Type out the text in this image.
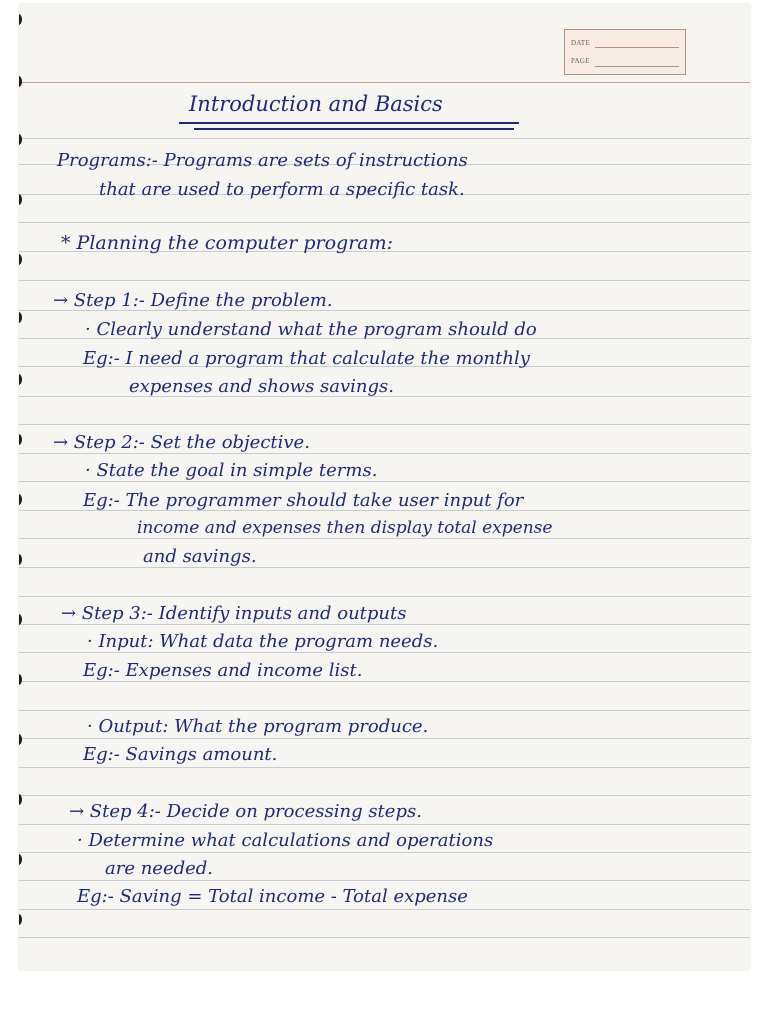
DATE
PAGE
Introduction and Basics
Programs:- Programs are sets of instructions
that are used to perform a specific task.
* Planning the computer program:
→ Step 1:- Define the problem.
· Clearly understand what the program should do
Eg:- I need a program that calculate the monthly
expenses and shows savings.
→ Step 2:- Set the objective.
· State the goal in simple terms.
Eg:- The programmer should take user input for
income and expenses then display total expense
and savings.
→ Step 3:- Identify inputs and outputs
· Input: What data the program needs.
Eg:- Expenses and income list.
· Output: What the program produce.
Eg:- Savings amount.
→ Step 4:- Decide on processing steps.
· Determine what calculations and operations
are needed.
Eg:- Saving = Total income - Total expense
